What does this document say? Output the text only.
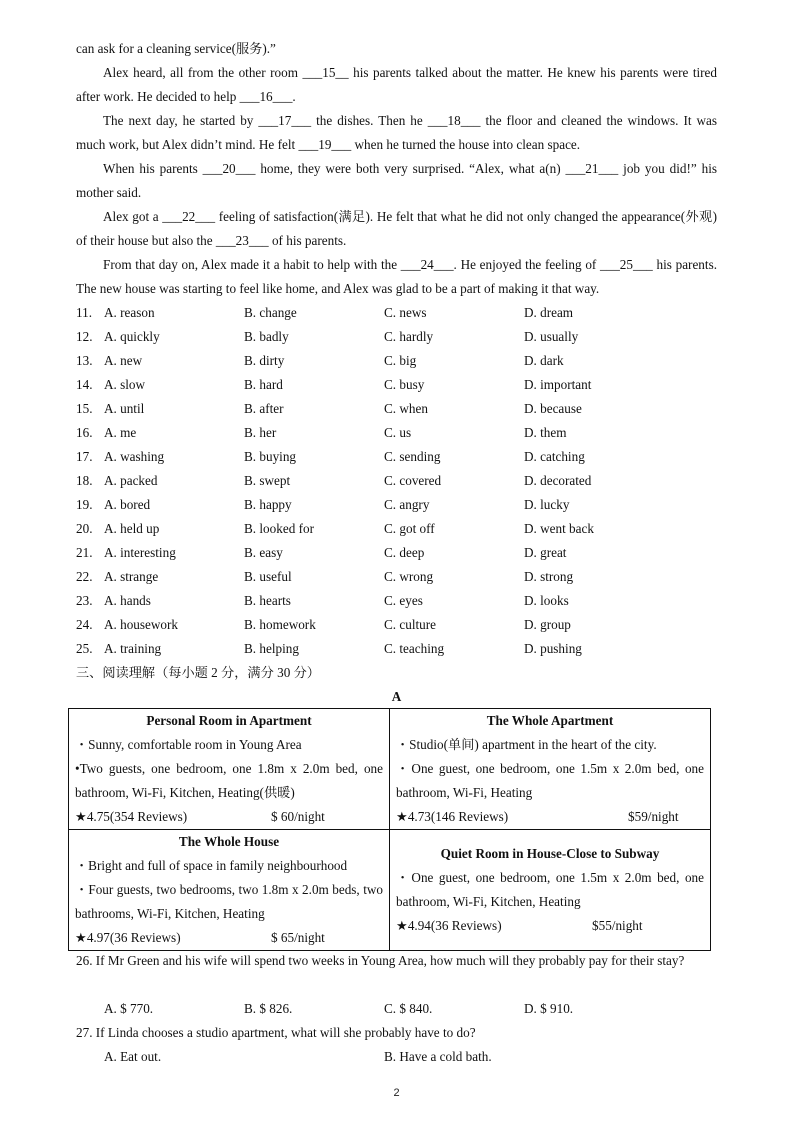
can ask for a cleaning service(服务).”
Alex heard, all from the other room ___15__ his parents talked about the matter. He knew his parents were tired after work. He decided to help ___16___.
The next day, he started by ___17___ the dishes. Then he ___18___ the floor and cleaned the windows. It was much work, but Alex didn’t mind. He felt ___19___ when he turned the house into clean space.
When his parents ___20___ home, they were both very surprised. “Alex, what a(n) ___21___ job you did!” his mother said.
Alex got a ___22___ feeling of satisfaction(满足). He felt that what he did not only changed the appearance(外观) of their house but also the ___23___ of his parents.
From that day on, Alex made it a habit to help with the ___24___. He enjoyed the feeling of ___25___ his parents. The new house was starting to feel like home, and Alex was glad to be a part of making it that way.
11. A. reason	B. change	C. news	D. dream
12. A. quickly	B. badly	C. hardly	D. usually
13. A. new	B. dirty	C. big	D. dark
14. A. slow	B. hard	C. busy	D. important
15. A. until	B. after	C. when	D. because
16. A. me	B. her	C. us	D. them
17. A. washing	B. buying	C. sending	D. catching
18. A. packed	B. swept	C. covered	D. decorated
19. A. bored	B. happy	C. angry	D. lucky
20. A. held up	B. looked for	C. got off	D. went back
21. A. interesting	B. easy	C. deep	D. great
22. A. strange	B. useful	C. wrong	D. strong
23. A. hands	B. hearts	C. eyes	D. looks
24. A. housework	B. homework	C. culture	D. group
25. A. training	B. helping	C. teaching	D. pushing
三、阅读理解（每小题 2 分，满分 30 分）
A
Personal Room in Apartment
・Sunny, comfortable room in Young Area
•Two guests, one bedroom, one 1.8m x 2.0m bed, one bathroom, Wi-Fi, Kitchen, Heating(供暖)
★4.75(354 Reviews)	$ 60/night

The Whole Apartment
・Studio(单间) apartment in the heart of the city.
・One guest, one bedroom, one 1.5m x 2.0m bed, one bathroom, Wi-Fi, Heating
★4.73(146 Reviews)	$59/night

The Whole House
・Bright and full of space in family neighbourhood
・Four guests, two bedrooms, two 1.8m x 2.0m beds, two bathrooms, Wi-Fi, Kitchen, Heating
★4.97(36 Reviews)	$ 65/night

Quiet Room in House-Close to Subway
・One guest, one bedroom, one 1.5m x 2.0m bed, one bathroom, Wi-Fi, Kitchen, Heating
★4.94(36 Reviews)	$55/night
26. If Mr Green and his wife will spend two weeks in Young Area, how much will they probably pay for their stay?
A. $ 770.	B. $ 826.	C. $ 840.	D. $ 910.
27. If Linda chooses a studio apartment, what will she probably have to do?
A. Eat out.	B. Have a cold bath.
2
